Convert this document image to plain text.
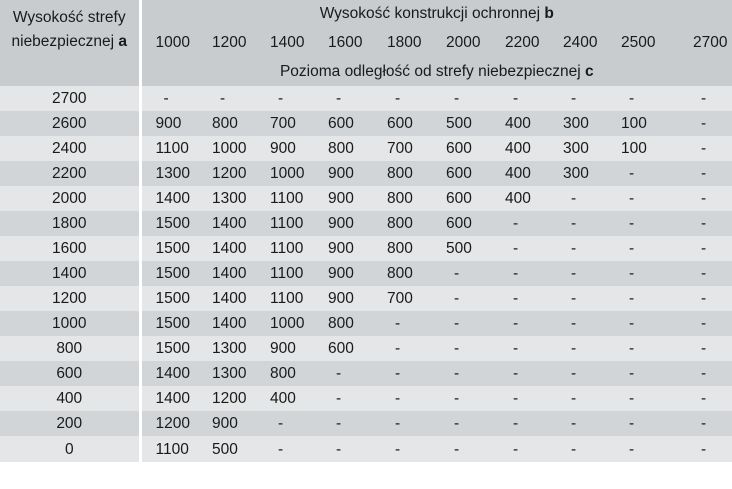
Wysokość strefy
niebezpiecznej a	Wysokość konstrukcji ochronnej b									
	1000	1200	1400	1600	1800	2000	2200	2400	2500	2700
	Pozioma odległość od strefy niebezpiecznej c									
2700	-	-	-	-	-	-	-	-	-	-
2600	900	800	700	600	600	500	400	300	100	-
2400	1100	1000	900	800	700	600	400	300	100	-
2200	1300	1200	1000	900	800	600	400	300	-	-
2000	1400	1300	1100	900	800	600	400	-	-	-
1800	1500	1400	1100	900	800	600	-	-	-	-
1600	1500	1400	1100	900	800	500	-	-	-	-
1400	1500	1400	1100	900	800	-	-	-	-	-
1200	1500	1400	1100	900	700	-	-	-	-	-
1000	1500	1400	1000	800	-	-	-	-	-	-
800	1500	1300	900	600	-	-	-	-	-	-
600	1400	1300	800	-	-	-	-	-	-	-
400	1400	1200	400	-	-	-	-	-	-	-
200	1200	900	-	-	-	-	-	-	-	-
0	1100	500	-	-	-	-	-	-	-	-
